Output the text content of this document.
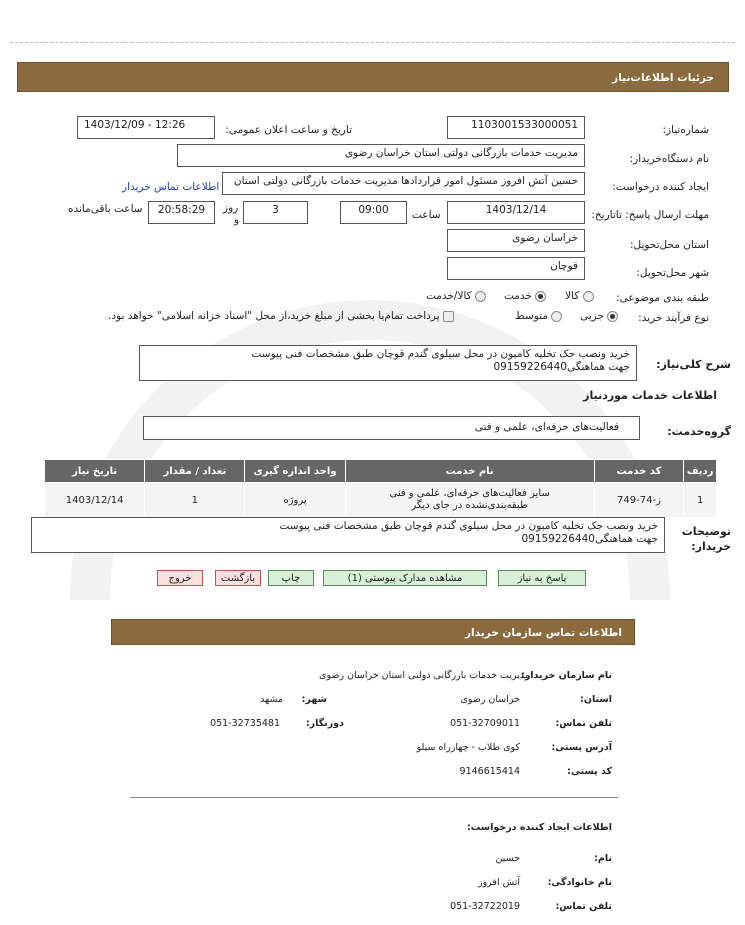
جزئیات اطلاعات‌نیاز
شماره‌نیاز:
1103001533000051
تاریخ و ساعت اعلان عمومی:
1403/12/09 - 12:26
نام دستگاه‌خریدار:
مدیریت خدمات بازرگانی دولتی استان خراسان رضوی
ایجاد کننده درخواست:
حسین آتش افروز مسئول امور قراردادها مدیریت خدمات بازرگانی دولتی استان
اطلاعات تماس خریدار
مهلت ارسال پاسخ: تاتاریخ:
1403/12/14
ساعت
09:00
3
روز
و
20:58:29
ساعت باقی‌مانده
استان محل‌تحویل:
خراسان رضوی
شهر محل‌تحویل:
قوچان
طبقه بندی موضوعی:
کالا
خدمت
کالا/خدمت
نوع فرآیند خرید:
جزیی
متوسط
پرداخت تمام‌یا بخشی از مبلغ خرید،از محل "اسناد خزانه اسلامی" خواهد بود.
شرح کلی‌نیاز:
خرید ونصب جک تخلیه کامیون در محل سیلوی گندم قوچان طبق مشخصات فنی پیوست
جهت هماهنگی09159226440
اطلاعات خدمات موردنیاز
گروه‌خدمت:
فعالیت‌های حرفه‌ای، علمی و فنی
ردیف	کد خدمت	نام خدمت	واحد اندازه گیری	تعداد / مقدار	تاریخ نیاز
1	ز-74-749	سایر فعالیت‌های حرفه‌ای، علمی و فنی
طبقه‌بندی‌نشده در جای دیگر	پروژه	1	1403/12/14
توضیحات
خریدار:
خرید ونصب جک تخلیه کامیون در محل سیلوی گندم قوچان طبق مشخصات فنی پیوست
جهت هماهنگی09159226440
پاسخ به نیاز
مشاهده مدارک پیوستی (1)
چاپ
بازگشت
خروج
اطلاعات تماس سازمان خریدار
نام سازمان خریدار:
مدیریت خدمات بازرگانی دولتی استان خراسان رضوی
استان:
خراسان رضوی
شهر:
مشهد
تلفن تماس:
051-32709011
دورنگار:
051-32735481
آدرس پستی:
کوی طلاب - چهارراه سیلو
کد پستی:
9146615414
اطلاعات ایجاد کننده درخواست:
نام:
حسین
نام خانوادگی:
آتش افروز
تلفن تماس:
051-32722019
